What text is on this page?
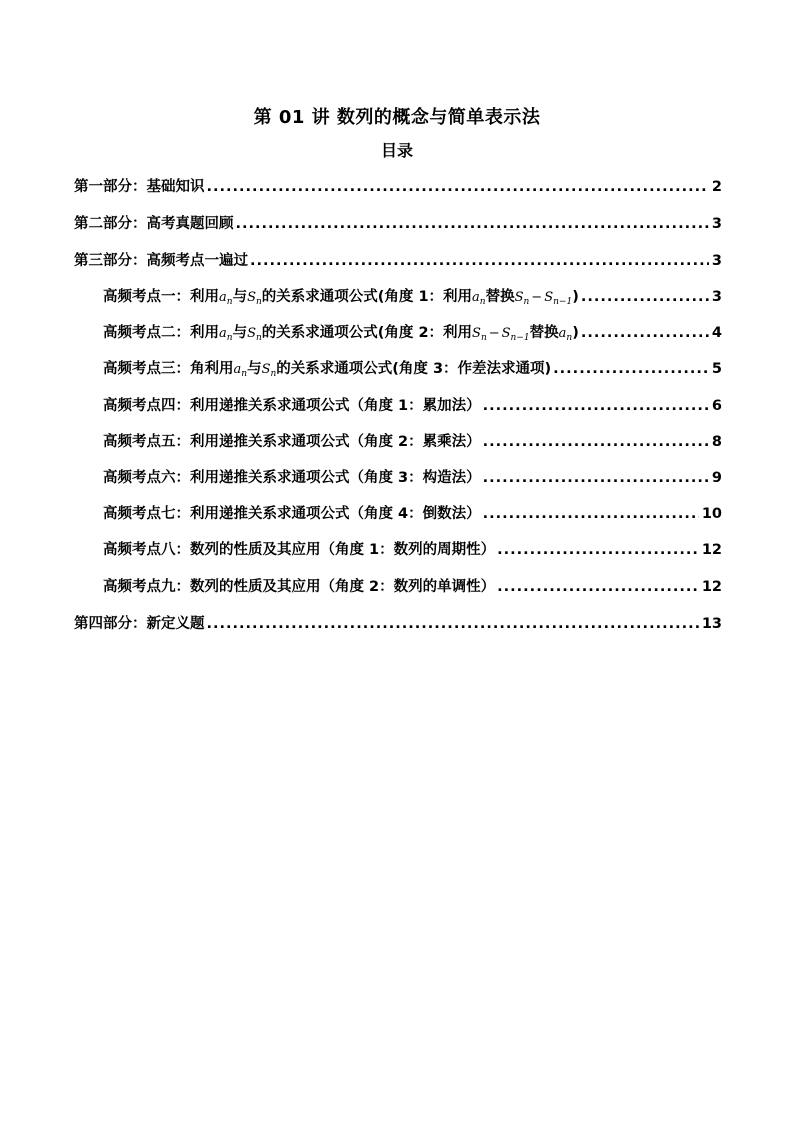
第 01 讲 数列的概念与简单表示法
目录
第一部分：基础知识 .....	2
第二部分：高考真题回顾 .....	3
第三部分：高频考点一遍过 .....	3
高频考点一：利用$a_n$与$S_n$的关系求通项公式(角度 1：利用$a_n$替换$S_n - S_{n-1}$) .....	3
高频考点二：利用$a_n$与$S_n$的关系求通项公式(角度 2：利用$S_n - S_{n-1}$替换$a_n$) .....	4
高频考点三：角利用$a_n$与$S_n$的关系求通项公式(角度 3：作差法求通项) .....	5
高频考点四：利用递推关系求通项公式（角度 1：累加法） .....	6
高频考点五：利用递推关系求通项公式（角度 2：累乘法） .....	8
高频考点六：利用递推关系求通项公式（角度 3：构造法） .....	9
高频考点七：利用递推关系求通项公式（角度 4：倒数法） .....	10
高频考点八：数列的性质及其应用（角度 1：数列的周期性） .....	12
高频考点九：数列的性质及其应用（角度 2：数列的单调性） .....	12
第四部分：新定义题 .....	13
